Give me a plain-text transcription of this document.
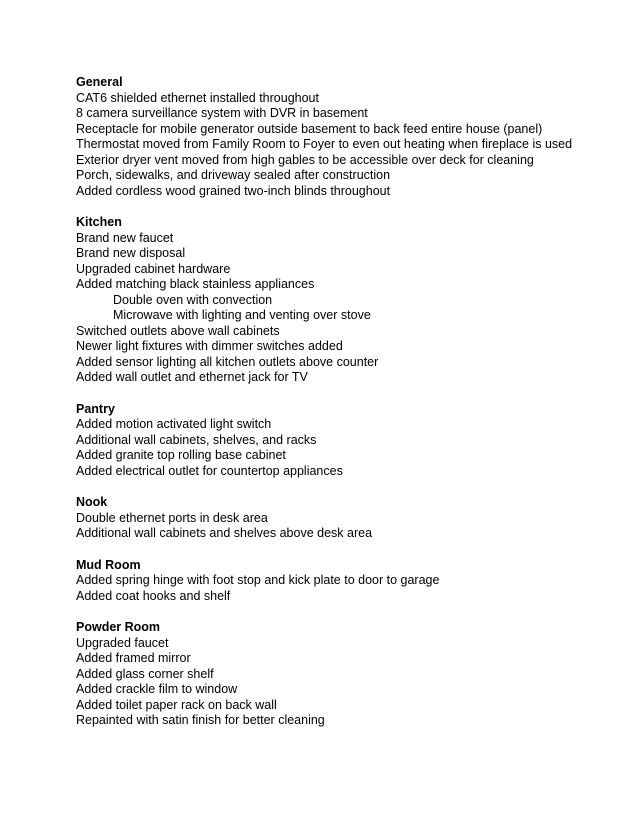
General
CAT6 shielded ethernet installed throughout
8 camera surveillance system with DVR in basement
Receptacle for mobile generator outside basement to back feed entire house (panel)
Thermostat moved from Family Room to Foyer to even out heating when fireplace is used
Exterior dryer vent moved from high gables to be accessible over deck for cleaning
Porch, sidewalks, and driveway sealed after construction
Added cordless wood grained two-inch blinds throughout
Kitchen
Brand new faucet
Brand new disposal
Upgraded cabinet hardware
Added matching black stainless appliances
Double oven with convection
Microwave with lighting and venting over stove
Switched outlets above wall cabinets
Newer light fixtures with dimmer switches added
Added sensor lighting all kitchen outlets above counter
Added wall outlet and ethernet jack for TV
Pantry
Added motion activated light switch
Additional wall cabinets, shelves, and racks
Added granite top rolling base cabinet
Added electrical outlet for countertop appliances
Nook
Double ethernet ports in desk area
Additional wall cabinets and shelves above desk area
Mud Room
Added spring hinge with foot stop and kick plate to door to garage
Added coat hooks and shelf
Powder Room
Upgraded faucet
Added framed mirror
Added glass corner shelf
Added crackle film to window
Added toilet paper rack on back wall
Repainted with satin finish for better cleaning
